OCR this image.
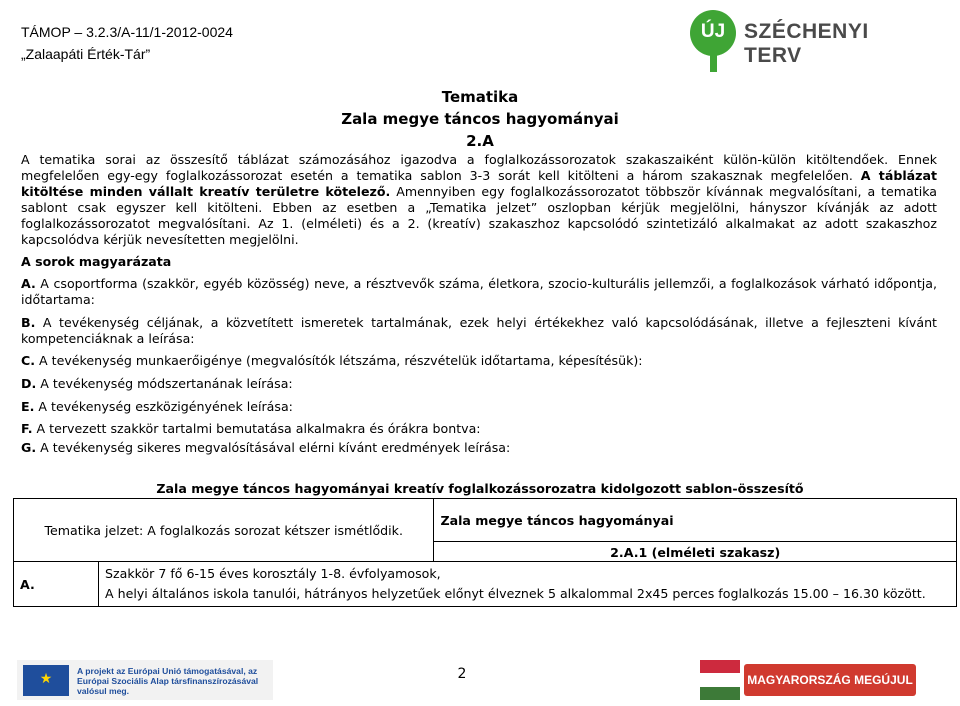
TÁMOP – 3.2.3/A-11/1-2012-0024
„Zalaapáti Érték-Tár”
ÚJ SZÉCHENYI TERV
Tematika
Zala megye táncos hagyományai
2.A
A tematika sorai az összesítő táblázat számozásához igazodva a foglalkozássorozatok szakaszaiként külön-külön kitöltendőek. Ennek megfelelően egy-egy foglalkozássorozat esetén a tematika sablon 3-3 sorát kell kitölteni a három szakasznak megfelelően. A táblázat kitöltése minden vállalt kreatív területre kötelező. Amennyiben egy foglalkozássorozatot többször kívánnak megvalósítani, a tematika sablont csak egyszer kell kitölteni. Ebben az esetben a „Tematika jelzet” oszlopban kérjük megjelölni, hányszor kívánják az adott foglalkozássorozatot megvalósítani. Az 1. (elméleti) és a 2. (kreatív) szakaszhoz kapcsolódó szintetizáló alkalmakat az adott szakaszhoz kapcsolódva kérjük nevesítetten megjelölni.
A sorok magyarázata
A. A csoportforma (szakkör, egyéb közösség) neve, a résztvevők száma, életkora, szocio-kulturális jellemzői, a foglalkozások várható időpontja, időtartama:
B. A tevékenység céljának, a közvetített ismeretek tartalmának, ezek helyi értékekhez való kapcsolódásának, illetve a fejleszteni kívánt kompetenciáknak a leírása:
C. A tevékenység munkaerőigénye (megvalósítók létszáma, részvételük időtartama, képesítésük):
D. A tevékenység módszertanának leírása:
E. A tevékenység eszközigényének leírása:
F. A tervezett szakkör tartalmi bemutatása alkalmakra és órákra bontva:
G. A tevékenység sikeres megvalósításával elérni kívánt eredmények leírása:
Zala megye táncos hagyományai kreatív foglalkozássorozatra kidolgozott sablon-összesítő
Tematika jelzet: A foglalkozás sorozat kétszer ismétlődik.		Zala megye táncos hagyományai
		2.A.1 (elméleti szakasz)
A.	Szakkör 7 fő 6-15 éves korosztály 1-8. évfolyamosok,
A helyi általános iskola tanulói, hátrányos helyzetűek előnyt élveznek 5 alkalommal 2x45 perces foglalkozás 15.00 – 16.30 között.	
★	A projekt az Európai Unió támogatásával, az Európai Szociális Alap társfinanszírozásával valósul meg.
2	MAGYARORSZÁG MEGÚJUL
